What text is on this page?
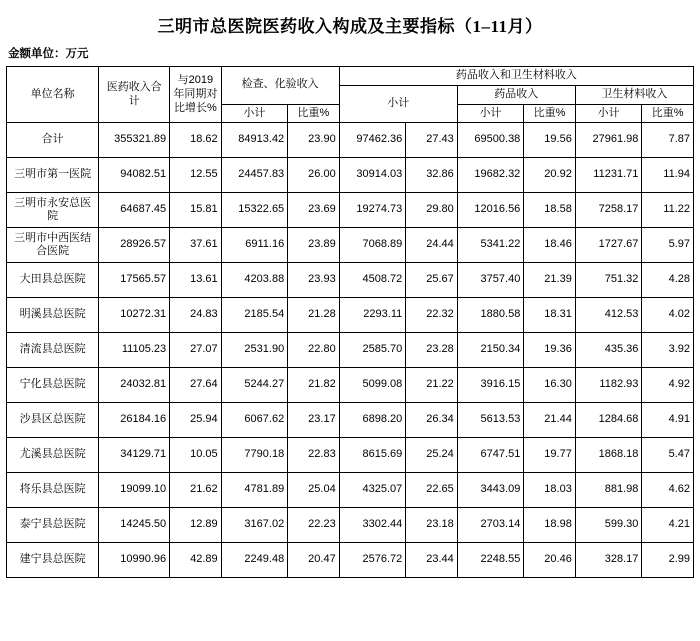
三明市总医院医药收入构成及主要指标（1–11月）
金额单位：万元
单位名称	医药收入合计	与2019年同期对比增长%	检查、化验收入		药品收入和卫生材料收入					
					小计		药品收入		卫生材料收入	
			小计	比重%			小计	比重%	小计	比重%
合计	355321.89	18.62	84913.42	23.90	97462.36	27.43	69500.38	19.56	27961.98	7.87
三明市第一医院	94082.51	12.55	24457.83	26.00	30914.03	32.86	19682.32	20.92	11231.71	11.94
三明市永安总医院	64687.45	15.81	15322.65	23.69	19274.73	29.80	12016.56	18.58	7258.17	11.22
三明市中西医结合医院	28926.57	37.61	6911.16	23.89	7068.89	24.44	5341.22	18.46	1727.67	5.97
大田县总医院	17565.57	13.61	4203.88	23.93	4508.72	25.67	3757.40	21.39	751.32	4.28
明溪县总医院	10272.31	24.83	2185.54	21.28	2293.11	22.32	1880.58	18.31	412.53	4.02
清流县总医院	11105.23	27.07	2531.90	22.80	2585.70	23.28	2150.34	19.36	435.36	3.92
宁化县总医院	24032.81	27.64	5244.27	21.82	5099.08	21.22	3916.15	16.30	1182.93	4.92
沙县区总医院	26184.16	25.94	6067.62	23.17	6898.20	26.34	5613.53	21.44	1284.68	4.91
尤溪县总医院	34129.71	10.05	7790.18	22.83	8615.69	25.24	6747.51	19.77	1868.18	5.47
将乐县总医院	19099.10	21.62	4781.89	25.04	4325.07	22.65	3443.09	18.03	881.98	4.62
泰宁县总医院	14245.50	12.89	3167.02	22.23	3302.44	23.18	2703.14	18.98	599.30	4.21
建宁县总医院	10990.96	42.89	2249.48	20.47	2576.72	23.44	2248.55	20.46	328.17	2.99
